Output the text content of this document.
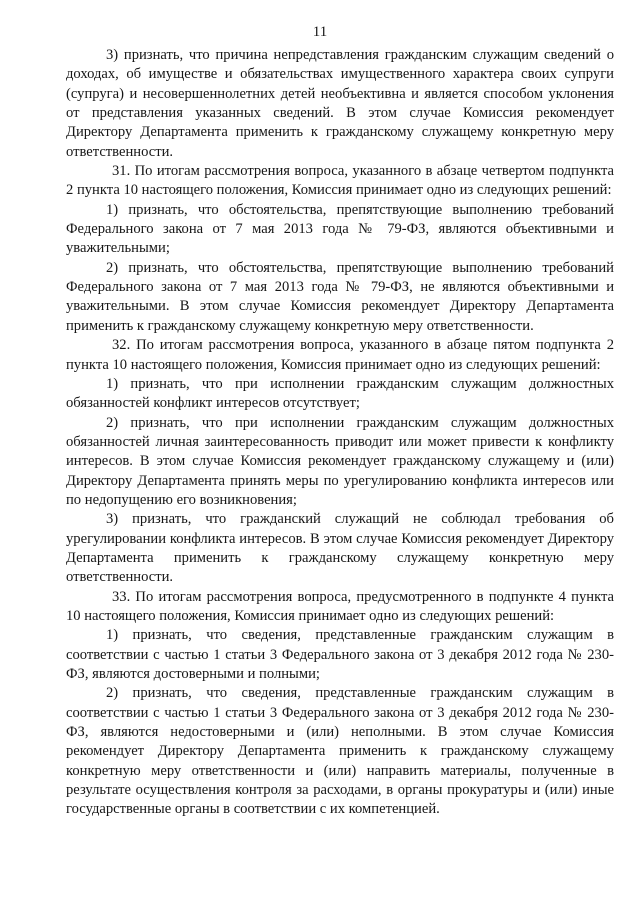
11

3) признать, что причина непредставления гражданским служащим сведений о доходах, об имуществе и обязательствах имущественного характера своих супруги (супруга) и несовершеннолетних детей необъективна и является способом уклонения от представления указанных сведений. В этом случае Комиссия рекомендует Директору Департамента применить к гражданскому служащему конкретную меру ответственности.

31. По итогам рассмотрения вопроса, указанного в абзаце четвертом подпункта 2 пункта 10 настоящего положения, Комиссия принимает одно из следующих решений:

1) признать, что обстоятельства, препятствующие выполнению требований Федерального закона от 7 мая 2013 года № 79-ФЗ, являются объективными и уважительными;

2) признать, что обстоятельства, препятствующие выполнению требований Федерального закона от 7 мая 2013 года № 79-ФЗ, не являются объективными и уважительными. В этом случае Комиссия рекомендует Директору Департамента применить к гражданскому служащему конкретную меру ответственности.

32. По итогам рассмотрения вопроса, указанного в абзаце пятом подпункта 2 пункта 10 настоящего положения, Комиссия принимает одно из следующих решений:

1) признать, что при исполнении гражданским служащим должностных обязанностей конфликт интересов отсутствует;

2) признать, что при исполнении гражданским служащим должностных обязанностей личная заинтересованность приводит или может привести к конфликту интересов. В этом случае Комиссия рекомендует гражданскому служащему и (или) Директору Департамента принять меры по урегулированию конфликта интересов или по недопущению его возникновения;

3) признать, что гражданский служащий не соблюдал требования об урегулировании конфликта интересов. В этом случае Комиссия рекомендует Директору Департамента применить к гражданскому служащему конкретную меру ответственности.

33. По итогам рассмотрения вопроса, предусмотренного в подпункте 4 пункта 10 настоящего положения, Комиссия принимает одно из следующих решений:

1) признать, что сведения, представленные гражданским служащим в соответствии с частью 1 статьи 3 Федерального закона от 3 декабря 2012 года № 230-ФЗ, являются достоверными и полными;

2) признать, что сведения, представленные гражданским служащим в соответствии с частью 1 статьи 3 Федерального закона от 3 декабря 2012 года № 230-ФЗ, являются недостоверными и (или) неполными. В этом случае Комиссия рекомендует Директору Департамента применить к гражданскому служащему конкретную меру ответственности и (или) направить материалы, полученные в результате осуществления контроля за расходами, в органы прокуратуры и (или) иные государственные органы в соответствии с их компетенцией.
